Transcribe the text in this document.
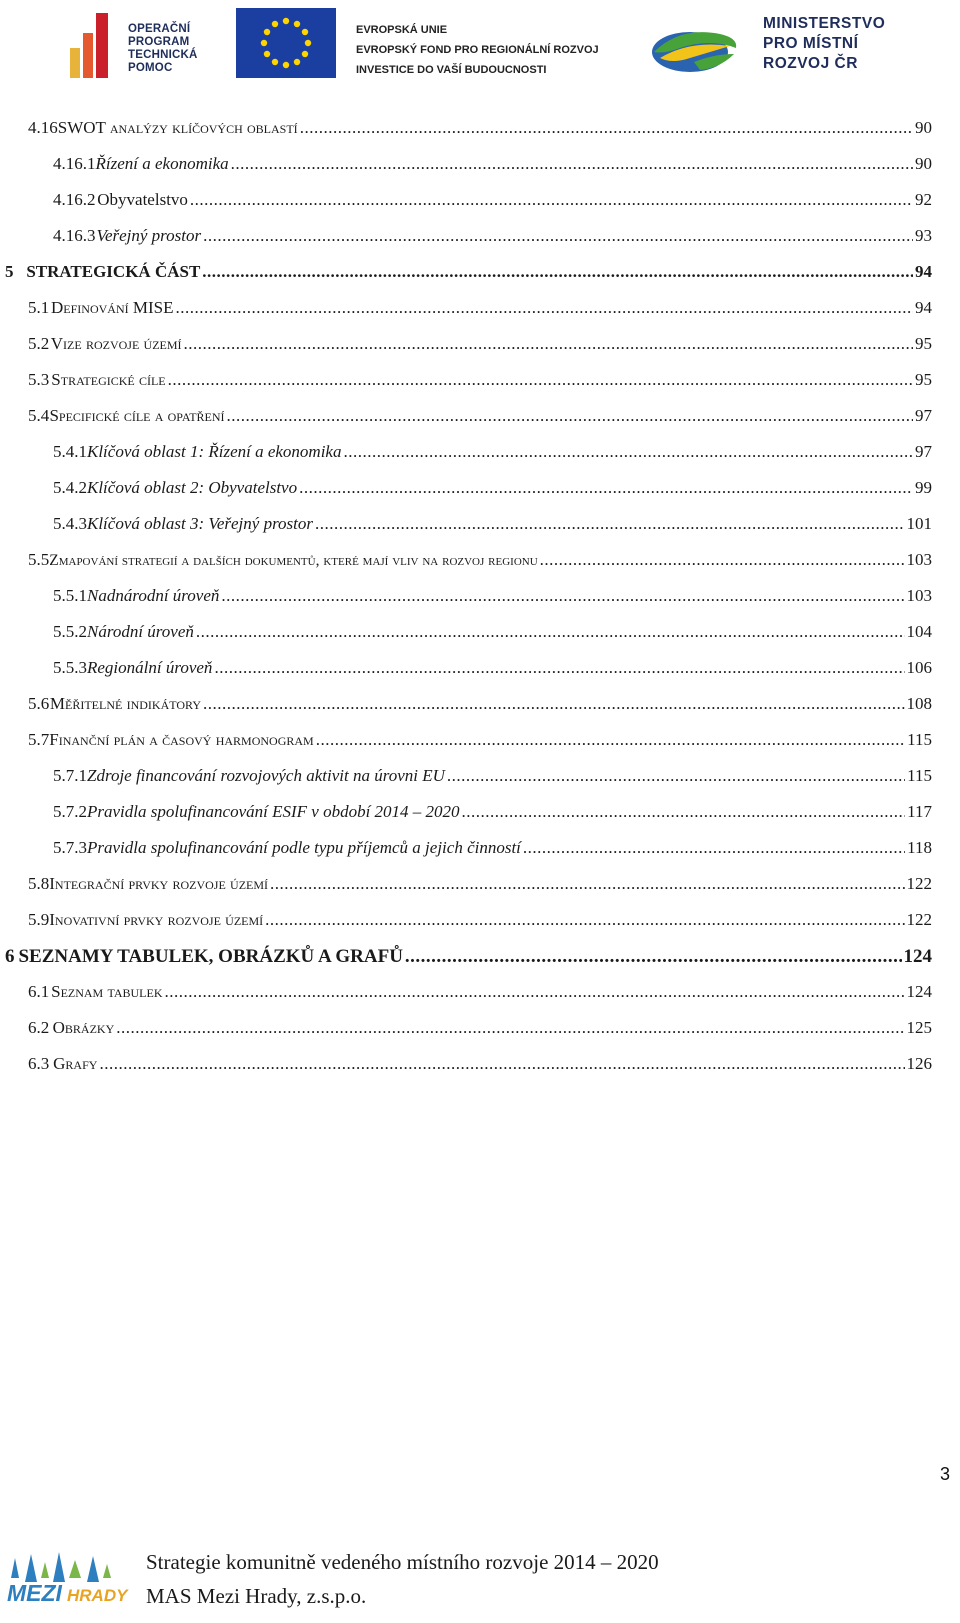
OPERAČNÍ
PROGRAM
TECHNICKÁ
POMOC
EVROPSKÁ UNIE
EVROPSKÝ FOND PRO REGIONÁLNÍ ROZVOJ
INVESTICE DO VAŠÍ BUDOUCNOSTI
MINISTERSTVO
PRO MÍSTNÍ
ROZVOJ ČR
4.16 SWOT analýzy klíčových oblastí .....	90
4.16.1 Řízení a ekonomika .....	90
4.16.2 Obyvatelstvo .....	92
4.16.3 Veřejný prostor .....	93
5 STRATEGICKÁ ČÁST .....	94
5.1 Definování MISE .....	94
5.2 Vize rozvoje území .....	95
5.3 Strategické cíle .....	95
5.4 Specifické cíle a opatření .....	97
5.4.1 Klíčová oblast 1: Řízení a ekonomika .....	97
5.4.2 Klíčová oblast 2: Obyvatelstvo .....	99
5.4.3 Klíčová oblast 3: Veřejný prostor .....	101
5.5 Zmapování strategií a dalších dokumentů, které mají vliv na rozvoj regionu .....	103
5.5.1 Nadnárodní úroveň .....	103
5.5.2 Národní úroveň .....	104
5.5.3 Regionální úroveň .....	106
5.6 Měřitelné indikátory .....	108
5.7 Finanční plán a časový harmonogram .....	115
5.7.1 Zdroje financování rozvojových aktivit na úrovni EU .....	115
5.7.2 Pravidla spolufinancování ESIF v období 2014 – 2020 .....	117
5.7.3 Pravidla spolufinancování podle typu příjemců a jejich činností .....	118
5.8 Integrační prvky rozvoje území .....	122
5.9 Inovativní prvky rozvoje území .....	122
6 SEZNAMY TABULEK, OBRÁZKŮ A GRAFŮ .....	124
6.1 Seznam tabulek .....	124
6.2 Obrázky .....	125
6.3 Grafy .....	126
3
MEZI HRADY
Strategie komunitně vedeného místního rozvoje 2014 – 2020
MAS Mezi Hrady, z.s.p.o.
